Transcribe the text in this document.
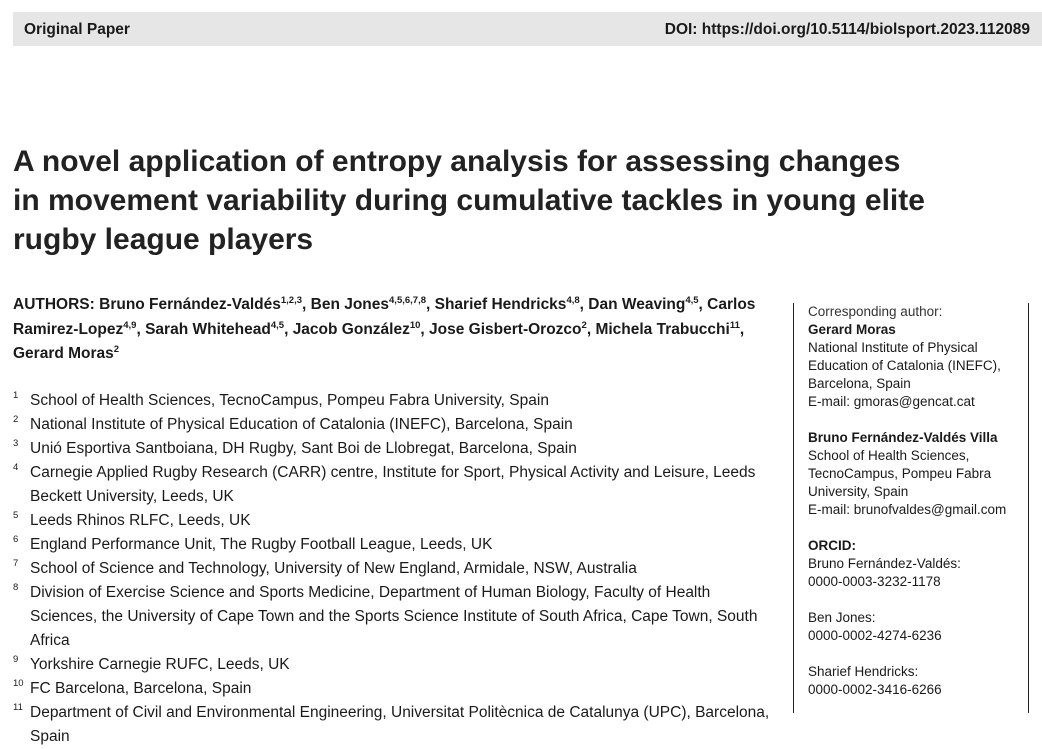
Original Paper	DOI: https://doi.org/10.5114/biolsport.2023.112089
A novel application of entropy analysis for assessing changes
in movement variability during cumulative tackles in young elite
rugby league players
AUTHORS: Bruno Fernández-Valdés$^{1,2,3}$, Ben Jones$^{4,5,6,7,8}$, Sharief Hendricks$^{4,8}$, Dan Weaving$^{4,5}$, Carlos Ramirez-Lopez$^{4,9}$, Sarah Whitehead$^{4,5}$, Jacob González$^{10}$, Jose Gisbert-Orozco$^2$, Michela Trabucchi$^{11}$, Gerard Moras$^2$
1 School of Health Sciences, TecnoCampus, Pompeu Fabra University, Spain
2 National Institute of Physical Education of Catalonia (INEFC), Barcelona, Spain
3 Unió Esportiva Santboiana, DH Rugby, Sant Boi de Llobregat, Barcelona, Spain
4 Carnegie Applied Rugby Research (CARR) centre, Institute for Sport, Physical Activity and Leisure, Leeds Beckett University, Leeds, UK
5 Leeds Rhinos RLFC, Leeds, UK
6 England Performance Unit, The Rugby Football League, Leeds, UK
7 School of Science and Technology, University of New England, Armidale, NSW, Australia
8 Division of Exercise Science and Sports Medicine, Department of Human Biology, Faculty of Health Sciences, the University of Cape Town and the Sports Science Institute of South Africa, Cape Town, South Africa
9 Yorkshire Carnegie RUFC, Leeds, UK
10 FC Barcelona, Barcelona, Spain
11 Department of Civil and Environmental Engineering, Universitat Politècnica de Catalunya (UPC), Barcelona, Spain
Corresponding author:
Gerard Moras
National Institute of Physical
Education of Catalonia (INEFC),
Barcelona, Spain
E-mail: gmoras@gencat.cat
Bruno Fernández-Valdés Villa
School of Health Sciences,
TecnoCampus, Pompeu Fabra
University, Spain
E-mail: brunofvaldes@gmail.com
ORCID:
Bruno Fernández-Valdés:
0000-0003-3232-1178
Ben Jones:
0000-0002-4274-6236
Sharief Hendricks:
0000-0002-3416-6266
